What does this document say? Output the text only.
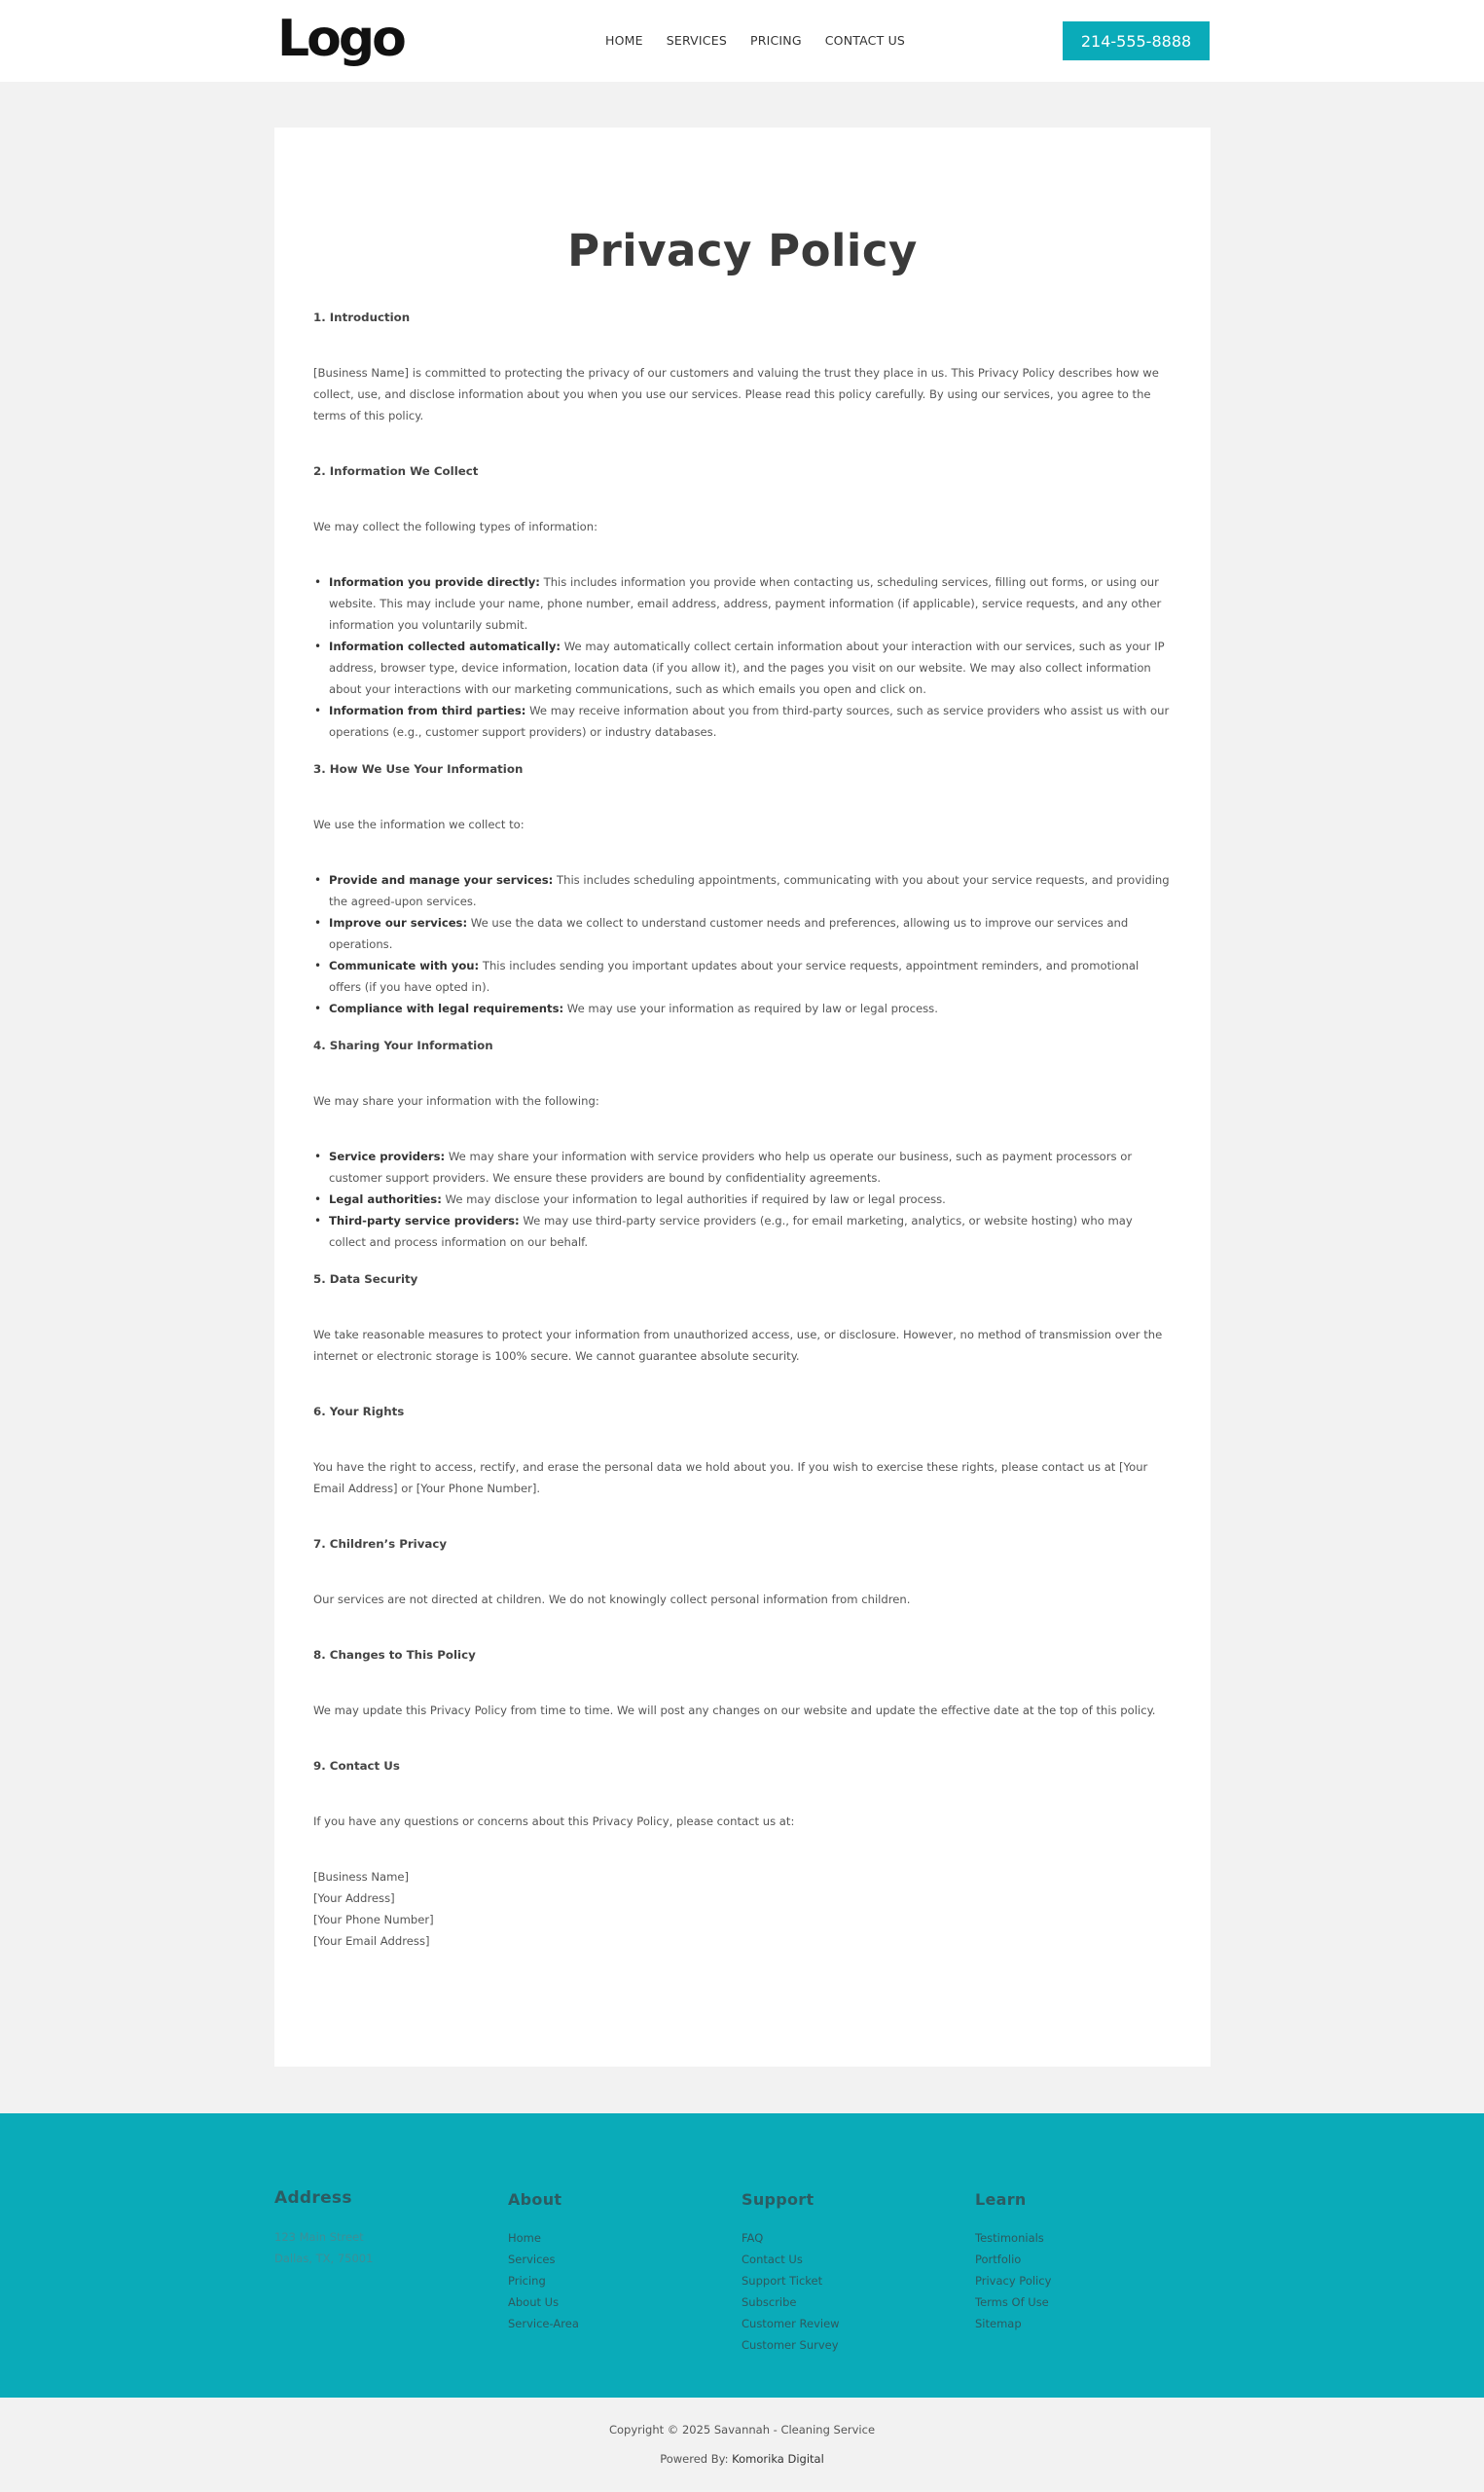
Logo	HOME SERVICES PRICING CONTACT US	214-555-8888
Privacy Policy
1. Introduction

[Business Name] is committed to protecting the privacy of our customers and valuing the trust they place in us. This Privacy Policy describes how we collect, use, and disclose information about you when you use our services. Please read this policy carefully. By using our services, you agree to the terms of this policy.

2. Information We Collect

We may collect the following types of information:

• Information you provide directly: This includes information you provide when contacting us, scheduling services, filling out forms, or using our website. This may include your name, phone number, email address, address, payment information (if applicable), service requests, and any other information you voluntarily submit.
• Information collected automatically: We may automatically collect certain information about your interaction with our services, such as your IP address, browser type, device information, location data (if you allow it), and the pages you visit on our website. We may also collect information about your interactions with our marketing communications, such as which emails you open and click on.
• Information from third parties: We may receive information about you from third-party sources, such as service providers who assist us with our operations (e.g., customer support providers) or industry databases.
3. How We Use Your Information

We use the information we collect to:

• Provide and manage your services: This includes scheduling appointments, communicating with you about your service requests, and providing the agreed-upon services.
• Improve our services: We use the data we collect to understand customer needs and preferences, allowing us to improve our services and operations.
• Communicate with you: This includes sending you important updates about your service requests, appointment reminders, and promotional offers (if you have opted in).
• Compliance with legal requirements: We may use your information as required by law or legal process.
4. Sharing Your Information

We may share your information with the following:

• Service providers: We may share your information with service providers who help us operate our business, such as payment processors or customer support providers. We ensure these providers are bound by confidentiality agreements.
• Legal authorities: We may disclose your information to legal authorities if required by law or legal process.
• Third-party service providers: We may use third-party service providers (e.g., for email marketing, analytics, or website hosting) who may collect and process information on our behalf.
5. Data Security

We take reasonable measures to protect your information from unauthorized access, use, or disclosure. However, no method of transmission over the internet or electronic storage is 100% secure. We cannot guarantee absolute security.

6. Your Rights

You have the right to access, rectify, and erase the personal data we hold about you. If you wish to exercise these rights, please contact us at [Your Email Address] or [Your Phone Number].

7. Children’s Privacy

Our services are not directed at children. We do not knowingly collect personal information from children.

8. Changes to This Policy

We may update this Privacy Policy from time to time. We will post any changes on our website and update the effective date at the top of this policy.

9. Contact Us

If you have any questions or concerns about this Privacy Policy, please contact us at:

[Business Name]

[Your Address]

[Your Phone Number]

[Your Email Address]

Address
123 Main Street
Dallas, TX, 75001
About
Home
Services
Pricing
About Us
Service-Area
Support
FAQ
Contact Us
Support Ticket
Subscribe
Customer Review
Customer Survey
Learn
Testimonials
Portfolio
Privacy Policy
Terms Of Use
Sitemap
Copyright © 2025 Savannah - Cleaning Service
Powered By: Komorika Digital
